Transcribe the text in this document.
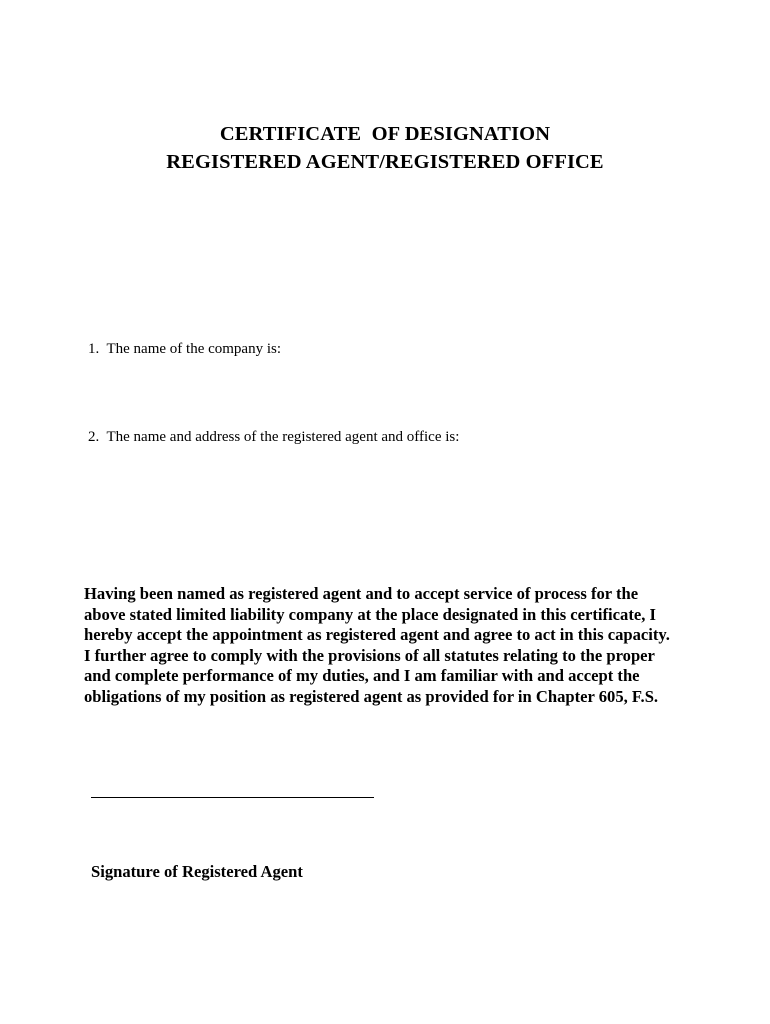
CERTIFICATE  OF DESIGNATION
REGISTERED AGENT/REGISTERED OFFICE
1.  The name of the company is:
2.  The name and address of the registered agent and office is:
Having been named as registered agent and to accept service of process for the
above stated limited liability company at the place designated in this certificate, I
hereby accept the appointment as registered agent and agree to act in this capacity.
I further agree to comply with the provisions of all statutes relating to the proper
and complete performance of my duties, and I am familiar with and accept the
obligations of my position as registered agent as provided for in Chapter 605, F.S.
Signature of Registered Agent
